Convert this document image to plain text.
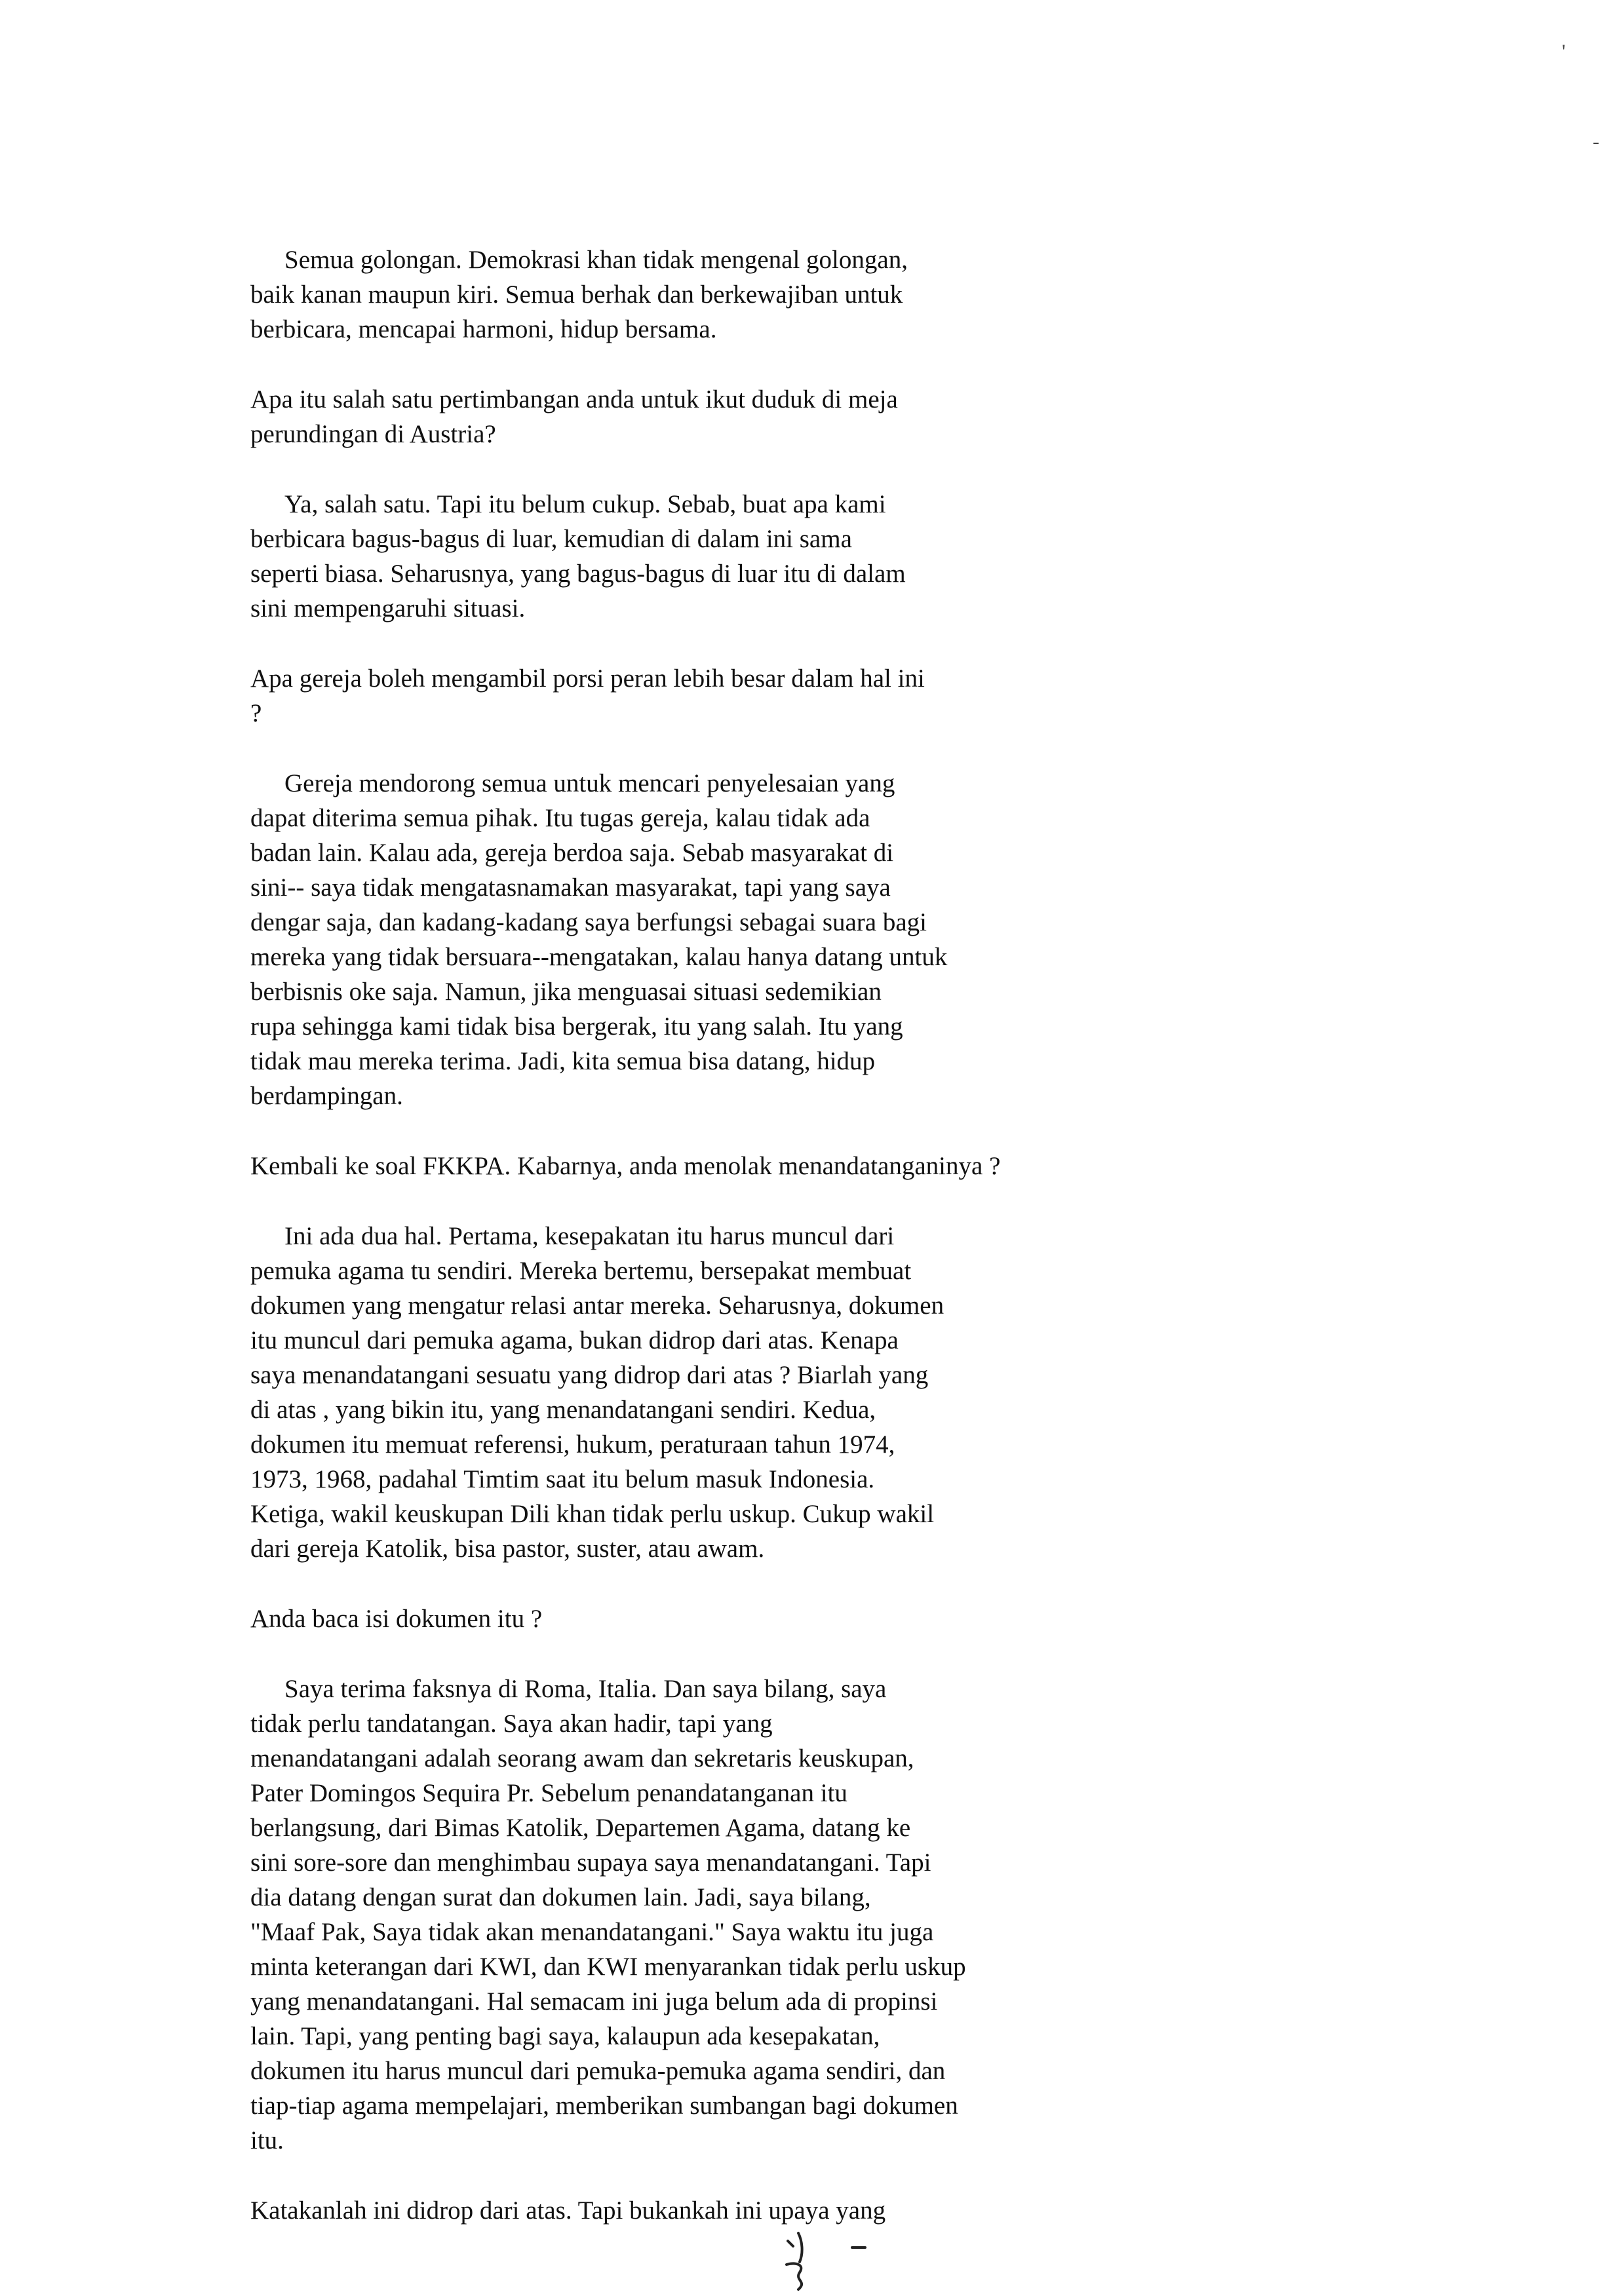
'
-
Semua golongan. Demokrasi khan tidak mengenal golongan,
baik kanan maupun kiri. Semua berhak dan berkewajiban untuk
berbicara, mencapai harmoni, hidup bersama.
Apa itu salah satu pertimbangan anda untuk ikut duduk di meja
perundingan di Austria?
Ya, salah satu. Tapi itu belum cukup. Sebab, buat apa kami
berbicara bagus-bagus di luar, kemudian di dalam ini sama
seperti biasa. Seharusnya, yang bagus-bagus di luar itu di dalam
sini mempengaruhi situasi.
Apa gereja boleh mengambil porsi peran lebih besar dalam hal ini
?
Gereja mendorong semua untuk mencari penyelesaian yang
dapat diterima semua pihak. Itu tugas gereja, kalau tidak ada
badan lain. Kalau ada, gereja berdoa saja. Sebab masyarakat di
sini-- saya tidak mengatasnamakan masyarakat, tapi yang saya
dengar saja, dan kadang-kadang saya berfungsi sebagai suara bagi
mereka yang tidak bersuara--mengatakan, kalau hanya datang untuk
berbisnis oke saja. Namun, jika menguasai situasi sedemikian
rupa sehingga kami tidak bisa bergerak, itu yang salah. Itu yang
tidak mau mereka terima. Jadi, kita semua bisa datang, hidup
berdampingan.
Kembali ke soal FKKPA. Kabarnya, anda menolak menandatanganinya ?
Ini ada dua hal. Pertama, kesepakatan itu harus muncul dari
pemuka agama tu sendiri. Mereka bertemu, bersepakat membuat
dokumen yang mengatur relasi antar mereka. Seharusnya, dokumen
itu muncul dari pemuka agama, bukan didrop dari atas. Kenapa
saya menandatangani sesuatu yang didrop dari atas ? Biarlah yang
di atas , yang bikin itu, yang menandatangani sendiri. Kedua,
dokumen itu memuat referensi, hukum, peraturaan tahun 1974,
1973, 1968, padahal Timtim saat itu belum masuk Indonesia.
Ketiga, wakil keuskupan Dili khan tidak perlu uskup. Cukup wakil
dari gereja Katolik, bisa pastor, suster, atau awam.
Anda baca isi dokumen itu ?
Saya terima faksnya di Roma, Italia. Dan saya bilang, saya
tidak perlu tandatangan. Saya akan hadir, tapi yang
menandatangani adalah seorang awam dan sekretaris keuskupan,
Pater Domingos Sequira Pr. Sebelum penandatanganan itu
berlangsung, dari Bimas Katolik, Departemen Agama, datang ke
sini sore-sore dan menghimbau supaya saya menandatangani. Tapi
dia datang dengan surat dan dokumen lain. Jadi, saya bilang,
"Maaf Pak, Saya tidak akan menandatangani." Saya waktu itu juga
minta keterangan dari KWI, dan KWI menyarankan tidak perlu uskup
yang menandatangani. Hal semacam ini juga belum ada di propinsi
lain. Tapi, yang penting bagi saya, kalaupun ada kesepakatan,
dokumen itu harus muncul dari pemuka-pemuka agama sendiri, dan
tiap-tiap agama mempelajari, memberikan sumbangan bagi dokumen
itu.
Katakanlah ini didrop dari atas. Tapi bukankah ini upaya yang
